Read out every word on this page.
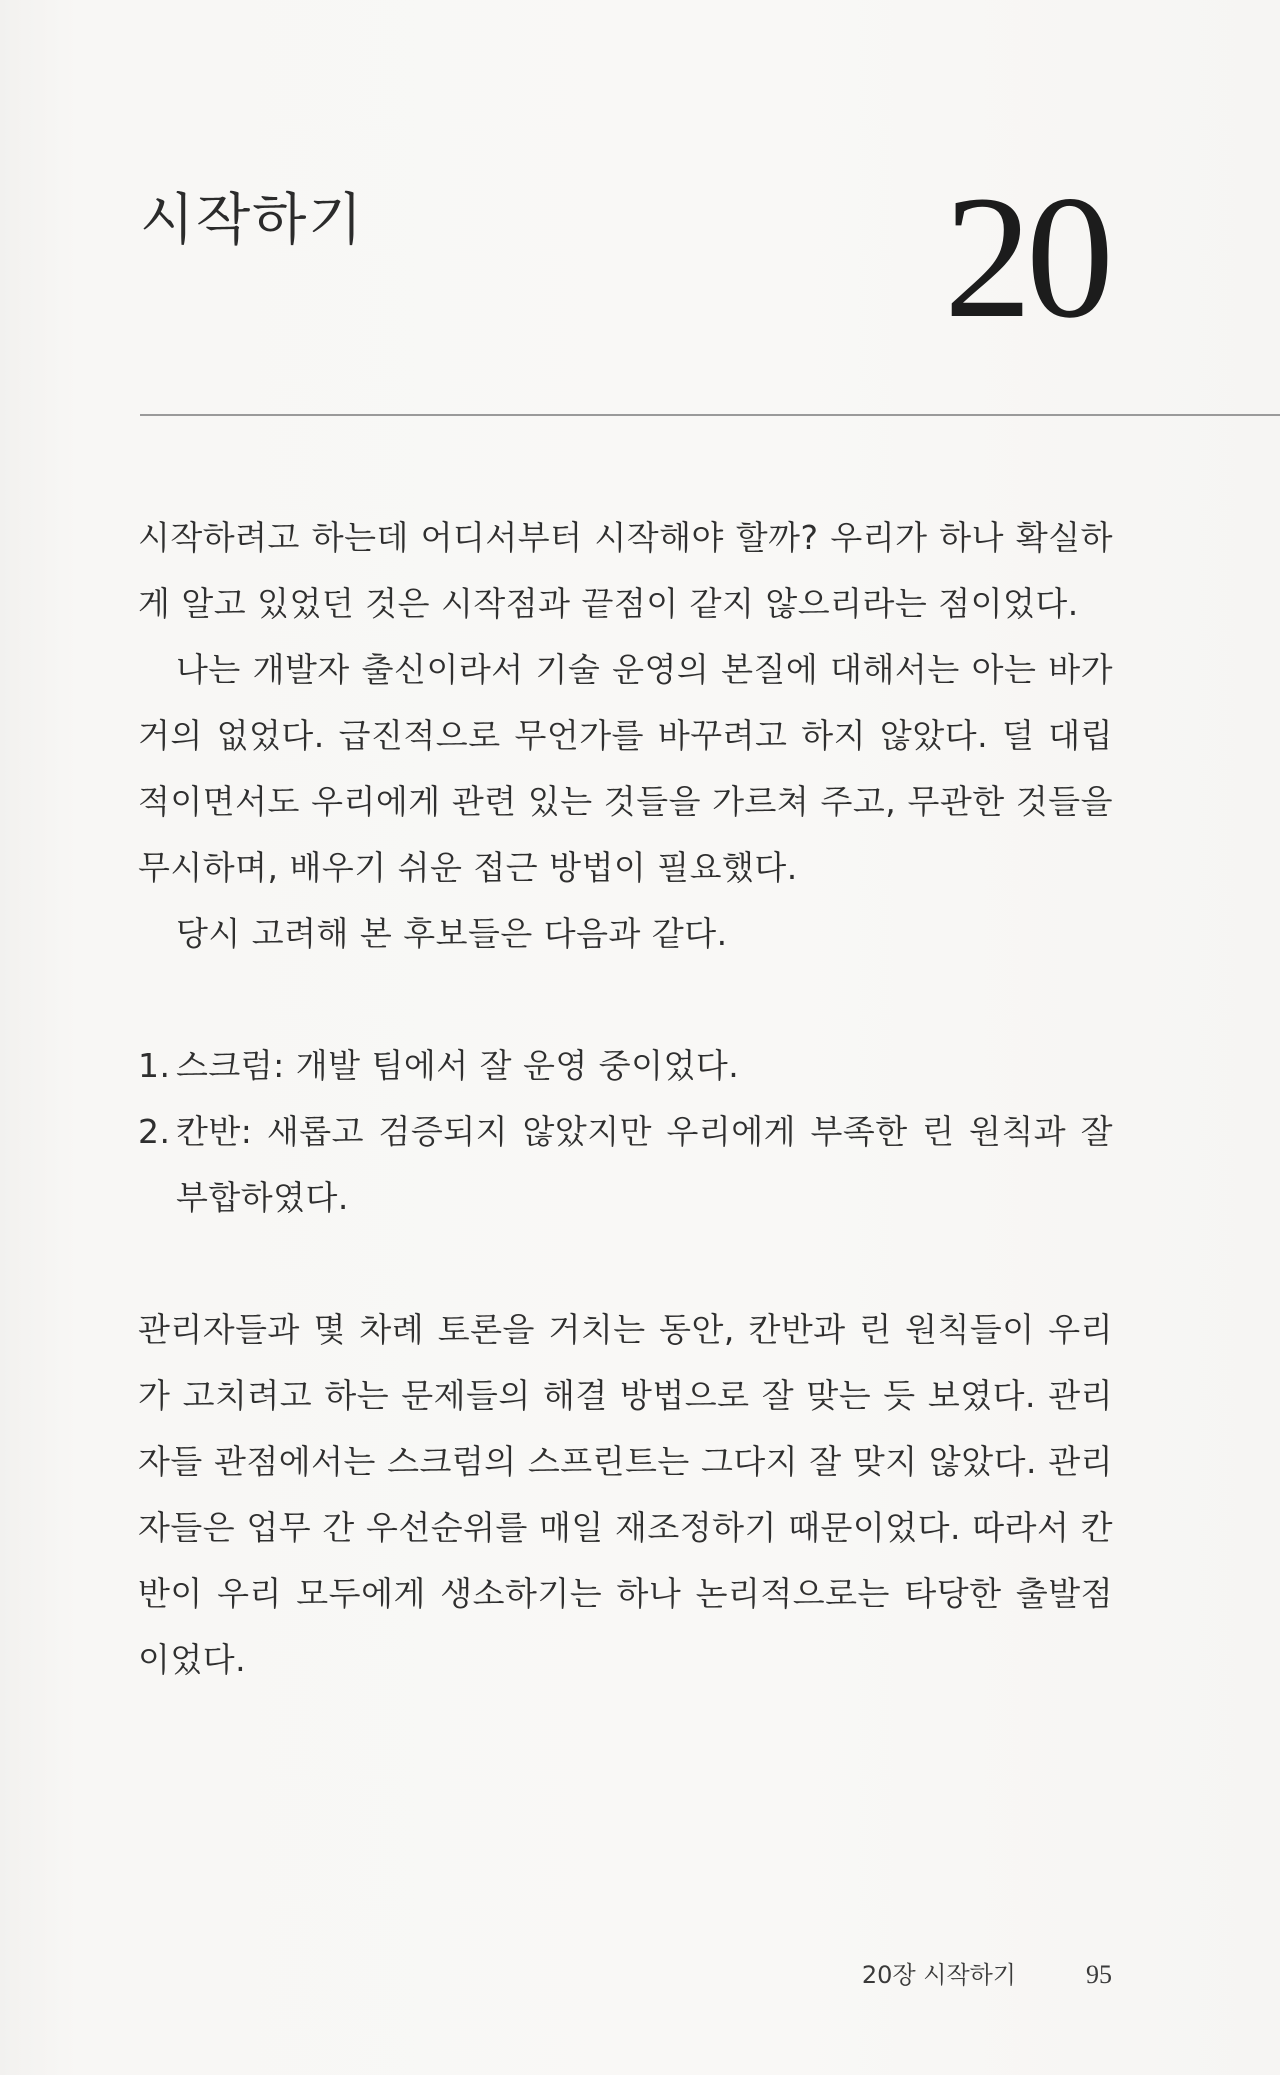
시작하기	20

시작하려고 하는데 어디서부터 시작해야 할까? 우리가 하나 확실하게 알고 있었던 것은 시작점과 끝점이 같지 않으리라는 점이었다.

나는 개발자 출신이라서 기술 운영의 본질에 대해서는 아는 바가 거의 없었다. 급진적으로 무언가를 바꾸려고 하지 않았다. 덜 대립적이면서도 우리에게 관련 있는 것들을 가르쳐 주고, 무관한 것들을 무시하며, 배우기 쉬운 접근 방법이 필요했다.

당시 고려해 본 후보들은 다음과 같다.

1. 스크럼: 개발 팀에서 잘 운영 중이었다.
2. 칸반: 새롭고 검증되지 않았지만 우리에게 부족한 린 원칙과 잘 부합하였다.

관리자들과 몇 차례 토론을 거치는 동안, 칸반과 린 원칙들이 우리가 고치려고 하는 문제들의 해결 방법으로 잘 맞는 듯 보였다. 관리자들 관점에서는 스크럼의 스프린트는 그다지 잘 맞지 않았다. 관리자들은 업무 간 우선순위를 매일 재조정하기 때문이었다. 따라서 칸반이 우리 모두에게 생소하기는 하나 논리적으로는 타당한 출발점이었다.

20장 시작하기	95
